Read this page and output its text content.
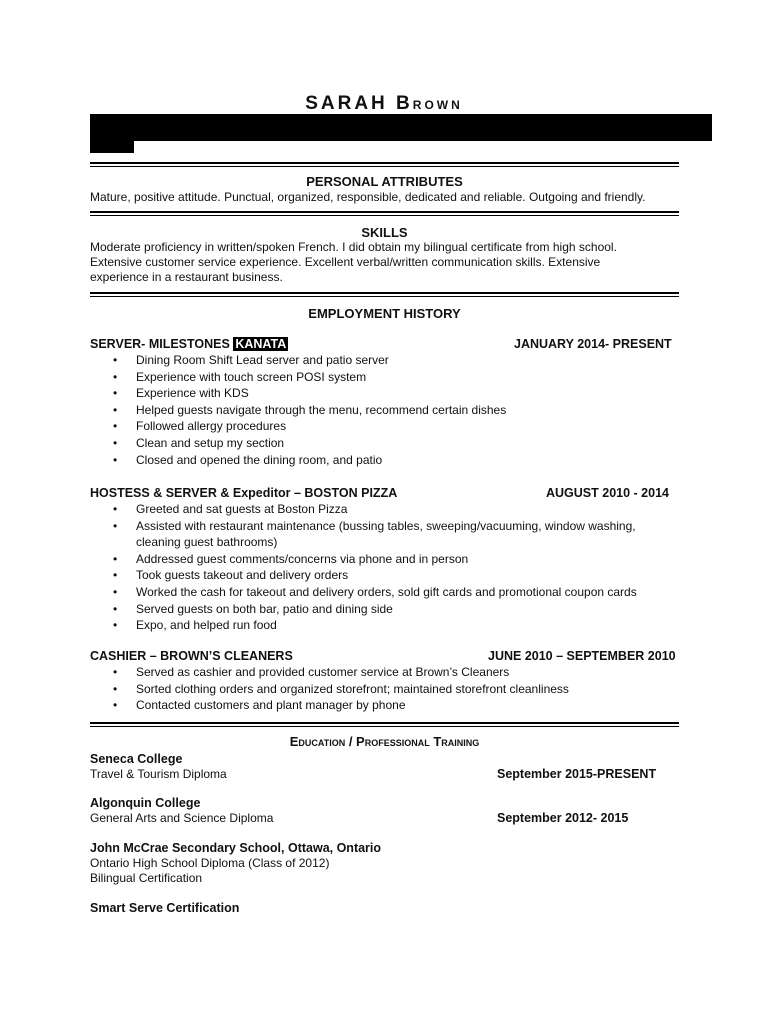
SARAH BROWN
PERSONAL ATTRIBUTES
Mature, positive attitude. Punctual, organized, responsible, dedicated and reliable. Outgoing and friendly.
SKILLS
Moderate proficiency in written/spoken French. I did obtain my bilingual certificate from high school.
Extensive customer service experience. Excellent verbal/written communication skills. Extensive
experience in a restaurant business.
EMPLOYMENT HISTORY
SERVER- MILESTONES KANATA	JANUARY 2014- PRESENT
• Dining Room Shift Lead server and patio server
• Experience with touch screen POSI system
• Experience with KDS
• Helped guests navigate through the menu, recommend certain dishes
• Followed allergy procedures
• Clean and setup my section
• Closed and opened the dining room, and patio
HOSTESS & SERVER & Expeditor – BOSTON PIZZA	AUGUST 2010 - 2014
• Greeted and sat guests at Boston Pizza
• Assisted with restaurant maintenance (bussing tables, sweeping/vacuuming, window washing, cleaning guest bathrooms)
• Addressed guest comments/concerns via phone and in person
• Took guests takeout and delivery orders
• Worked the cash for takeout and delivery orders, sold gift cards and promotional coupon cards
• Served guests on both bar, patio and dining side
• Expo, and helped run food
CASHIER – BROWN’S CLEANERS	JUNE 2010 – SEPTEMBER 2010
• Served as cashier and provided customer service at Brown’s Cleaners
• Sorted clothing orders and organized storefront; maintained storefront cleanliness
• Contacted customers and plant manager by phone
Education / Professional Training
Seneca College
Travel & Tourism Diploma	September 2015-PRESENT
Algonquin College
General Arts and Science Diploma	September 2012- 2015
John McCrae Secondary School, Ottawa, Ontario
Ontario High School Diploma (Class of 2012)
Bilingual Certification
Smart Serve Certification
